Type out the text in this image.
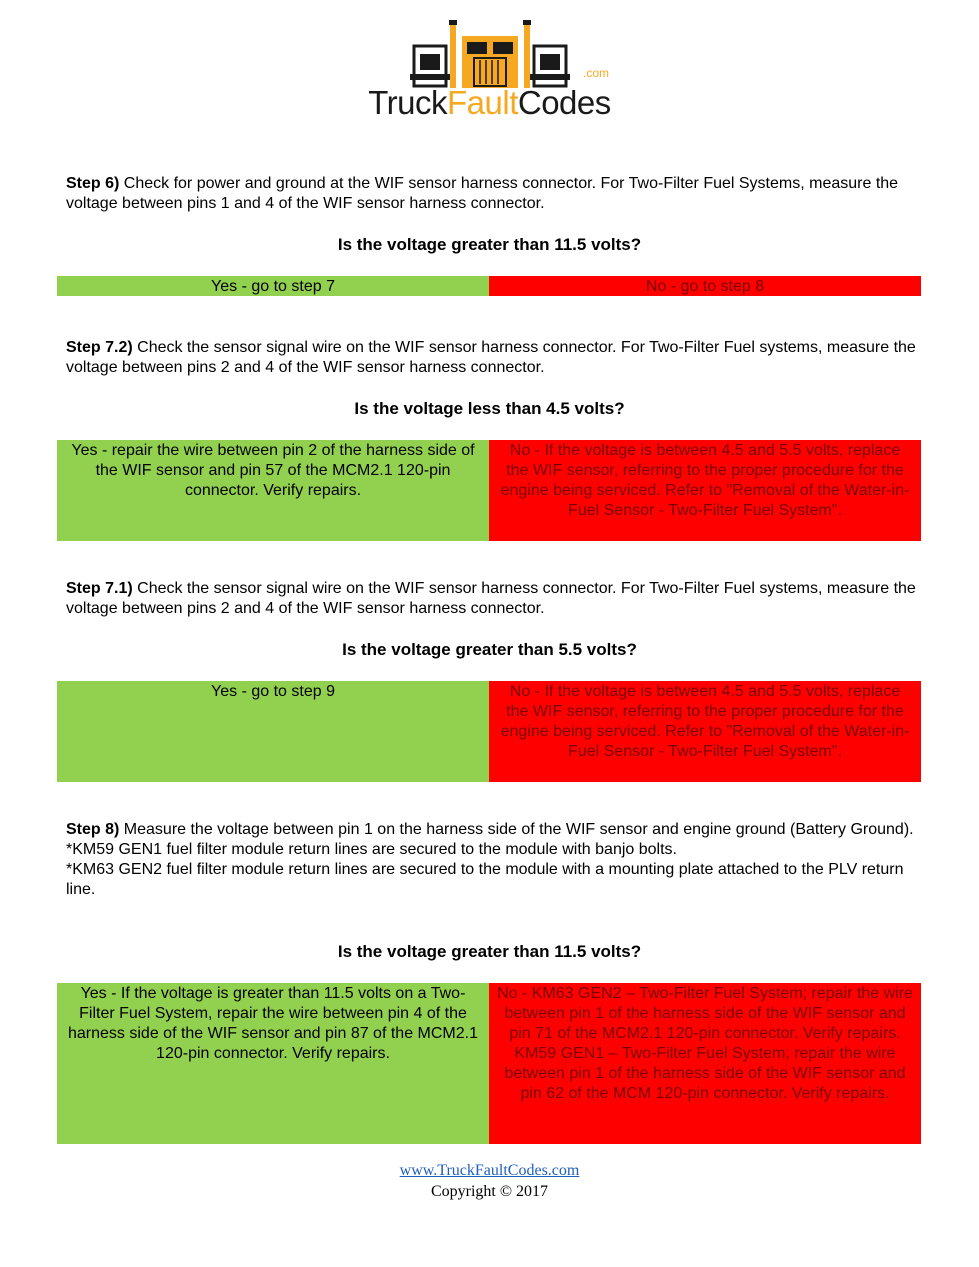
TruckFaultCodes
.com
Step 6) Check for power and ground at the WIF sensor harness connector. For Two-Filter Fuel Systems, measure the voltage between pins 1 and 4 of the WIF sensor harness connector.
Is the voltage greater than 11.5 volts?
Yes - go to step 7	No - go to step 8
Step 7.2) Check the sensor signal wire on the WIF sensor harness connector. For Two-Filter Fuel systems, measure the voltage between pins 2 and 4 of the WIF sensor harness connector.
Is the voltage less than 4.5 volts?
Yes - repair the wire between pin 2 of the harness side of the WIF sensor and pin 57 of the MCM2.1 120-pin connector. Verify repairs.
No - If the voltage is between 4.5 and 5.5 volts, replace the WIF sensor, referring to the proper procedure for the engine being serviced. Refer to "Removal of the Water-in-Fuel Sensor - Two-Filter Fuel System".
Step 7.1) Check the sensor signal wire on the WIF sensor harness connector. For Two-Filter Fuel systems, measure the voltage between pins 2 and 4 of the WIF sensor harness connector.
Is the voltage greater than 5.5 volts?
Yes - go to step 9	No - If the voltage is between 4.5 and 5.5 volts, replace the WIF sensor, referring to the proper procedure for the engine being serviced. Refer to "Removal of the Water-in-Fuel Sensor - Two-Filter Fuel System".
Step 8) Measure the voltage between pin 1 on the harness side of the WIF sensor and engine ground (Battery Ground).
*KM59 GEN1 fuel filter module return lines are secured to the module with banjo bolts.
*KM63 GEN2 fuel filter module return lines are secured to the module with a mounting plate attached to the PLV return line.
Is the voltage greater than 11.5 volts?
Yes - If the voltage is greater than 11.5 volts on a Two-Filter Fuel System, repair the wire between pin 4 of the harness side of the WIF sensor and pin 87 of the MCM2.1 120-pin connector. Verify repairs.
No - KM63 GEN2 – Two-Filter Fuel System; repair the wire between pin 1 of the harness side of the WIF sensor and pin 71 of the MCM2.1 120-pin connector. Verify repairs.
KM59 GEN1 – Two-Filter Fuel System; repair the wire between pin 1 of the harness side of the WIF sensor and pin 62 of the MCM 120-pin connector. Verify repairs.
www.TruckFaultCodes.com
Copyright © 2017
